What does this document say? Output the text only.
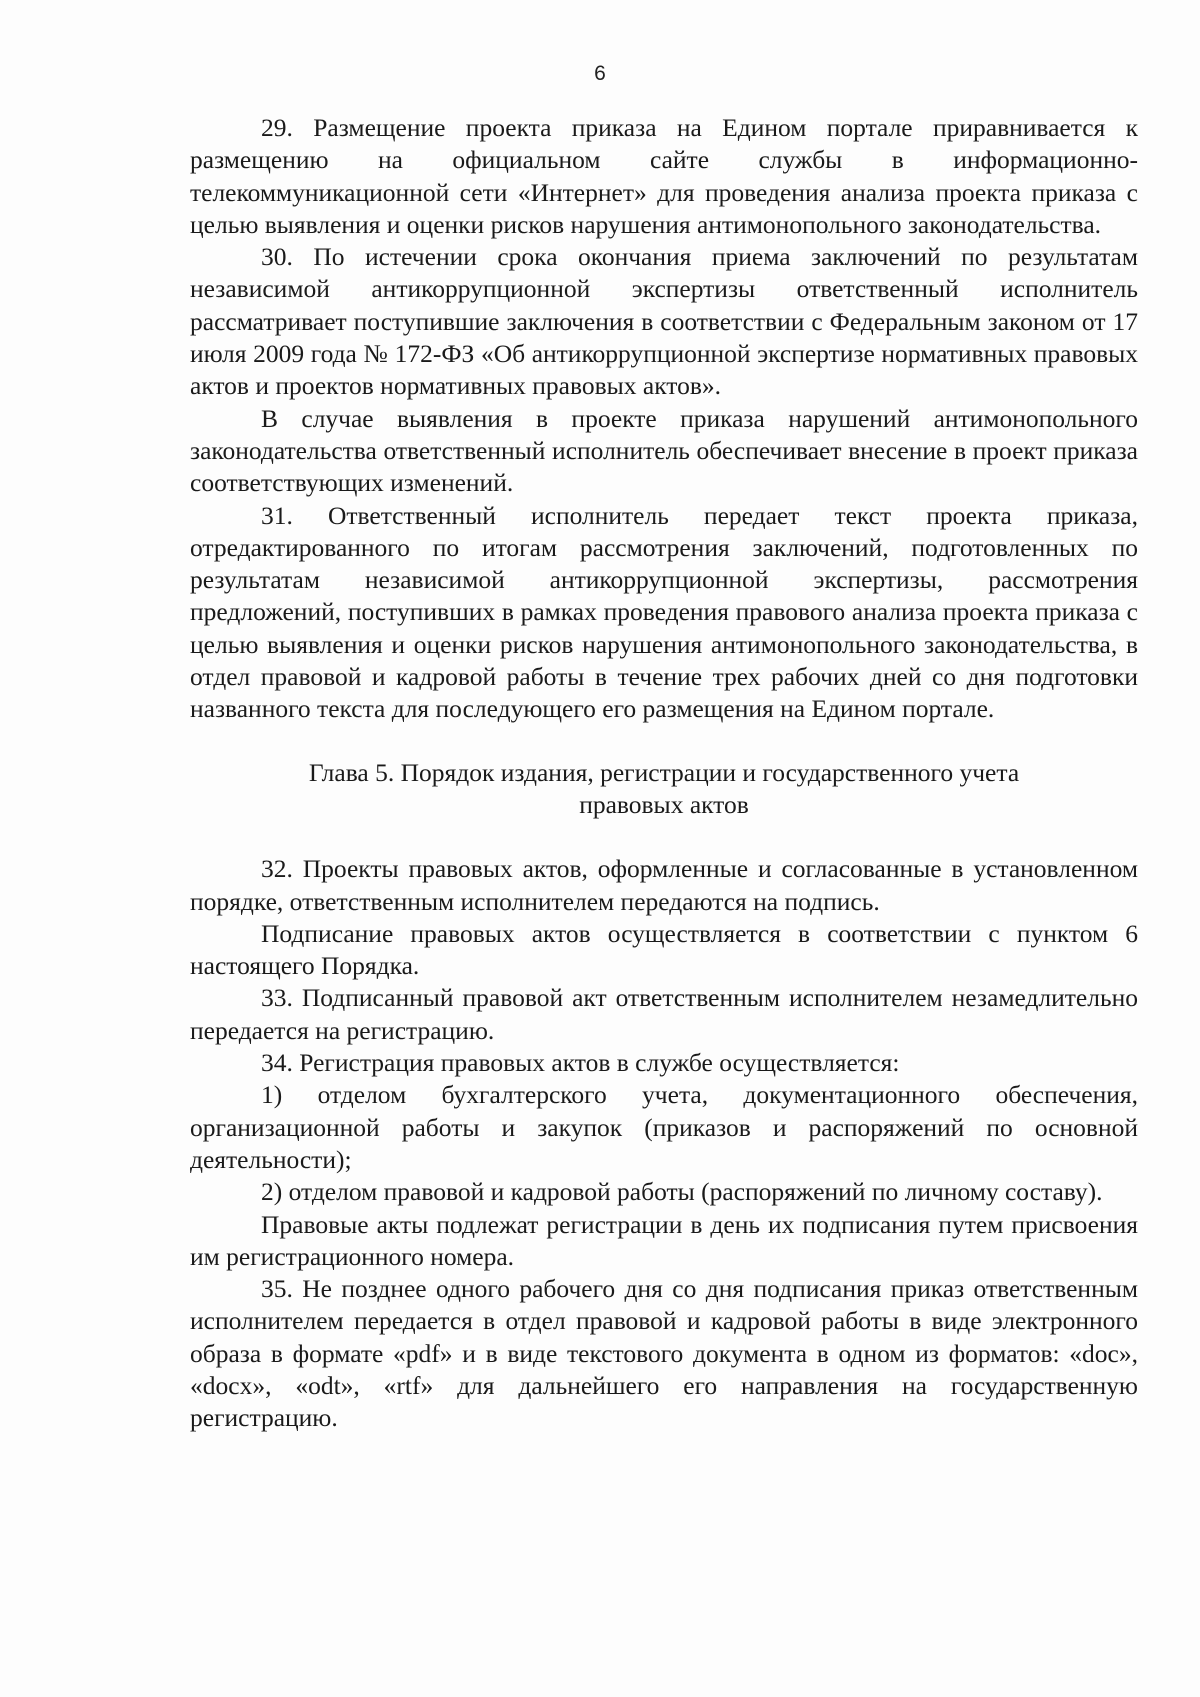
6

29. Размещение проекта приказа на Едином портале приравнивается к размещению на официальном сайте службы в информационно-телекоммуникационной сети «Интернет» для проведения анализа проекта приказа с целью выявления и оценки рисков нарушения антимонопольного законодательства.

30. По истечении срока окончания приема заключений по результатам независимой антикоррупционной экспертизы ответственный исполнитель рассматривает поступившие заключения в соответствии с Федеральным законом от 17 июля 2009 года № 172-ФЗ «Об антикоррупционной экспертизе нормативных правовых актов и проектов нормативных правовых актов».

В случае выявления в проекте приказа нарушений антимонопольного законодательства ответственный исполнитель обеспечивает внесение в проект приказа соответствующих изменений.

31. Ответственный исполнитель передает текст проекта приказа, отредактированного по итогам рассмотрения заключений, подготовленных по результатам независимой антикоррупционной экспертизы, рассмотрения предложений, поступивших в рамках проведения правового анализа проекта приказа с целью выявления и оценки рисков нарушения антимонопольного законодательства, в отдел правовой и кадровой работы в течение трех рабочих дней со дня подготовки названного текста для последующего его размещения на Едином портале.

Глава 5. Порядок издания, регистрации и государственного учета
правовых актов

32. Проекты правовых актов, оформленные и согласованные в установленном порядке, ответственным исполнителем передаются на подпись.

Подписание правовых актов осуществляется в соответствии с пунктом 6 настоящего Порядка.

33. Подписанный правовой акт ответственным исполнителем незамедлительно передается на регистрацию.

34. Регистрация правовых актов в службе осуществляется:

1) отделом бухгалтерского учета, документационного обеспечения, организационной работы и закупок (приказов и распоряжений по основной деятельности);

2) отделом правовой и кадровой работы (распоряжений по личному составу).

Правовые акты подлежат регистрации в день их подписания путем присвоения им регистрационного номера.

35. Не позднее одного рабочего дня со дня подписания приказ ответственным исполнителем передается в отдел правовой и кадровой работы в виде электронного образа в формате «pdf» и в виде текстового документа в одном из форматов: «doc», «docx», «odt», «rtf» для дальнейшего его направления на государственную регистрацию.
